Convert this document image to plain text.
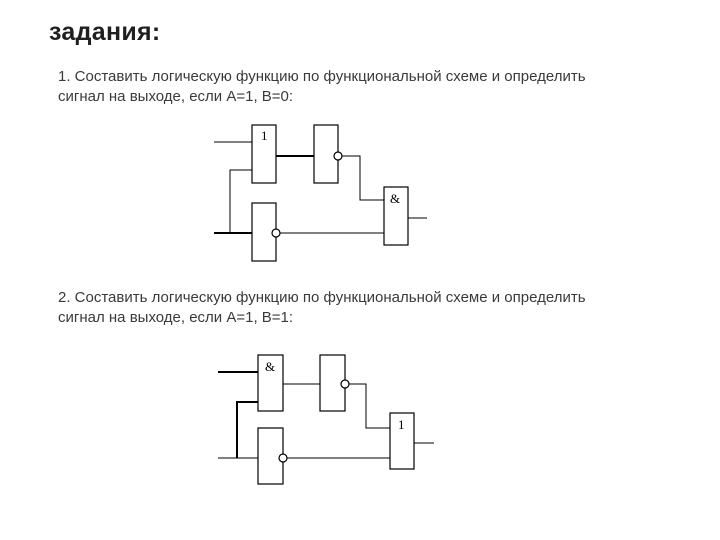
задания:
1. Составить логическую функцию по функциональной схеме и определить
сигнал на выходе, если А=1, В=0:
2. Составить логическую функцию по функциональной схеме и определить
сигнал на выходе, если А=1, В=1:
1
&
&
1
